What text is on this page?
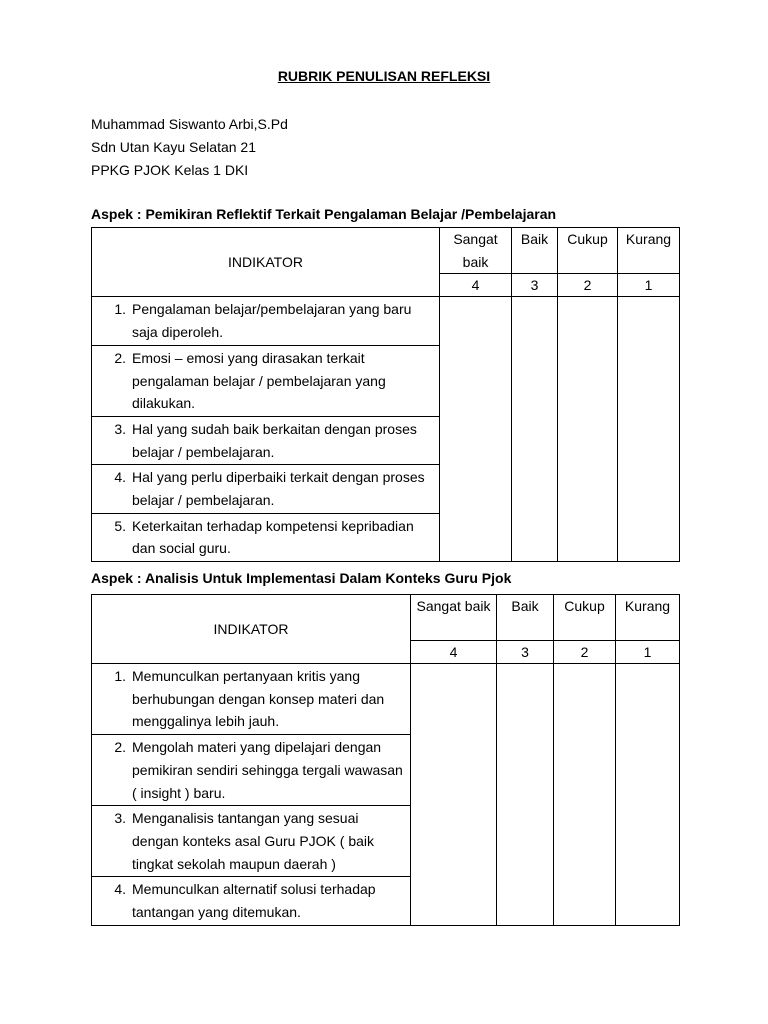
RUBRIK PENULISAN REFLEKSI
Muhammad Siswanto Arbi,S.Pd
Sdn Utan Kayu Selatan 21
PPKG PJOK Kelas 1 DKI
Aspek : Pemikiran Reflektif Terkait Pengalaman Belajar /Pembelajaran
INDIKATOR	Sangat baik	Baik	Cukup	Kurang
	4	3	2	1

1. Pengalaman belajar/pembelajaran yang baru saja diperoleh.				

2. Emosi – emosi yang dirasakan terkait pengalaman belajar / pembelajaran yang dilakukan.				

3. Hal yang sudah baik berkaitan dengan proses belajar / pembelajaran.				

4. Hal yang perlu diperbaiki terkait dengan proses belajar / pembelajaran.				

5. Keterkaitan terhadap kompetensi kepribadian dan social guru.				
Aspek : Analisis Untuk Implementasi Dalam Konteks Guru Pjok
INDIKATOR	Sangat baik	Baik	Cukup	Kurang
	4	3	2	1

1. Memunculkan pertanyaan kritis yang berhubungan dengan konsep materi dan menggalinya lebih jauh.				

2. Mengolah materi yang dipelajari dengan pemikiran sendiri sehingga tergali wawasan ( insight ) baru.				

3. Menganalisis tantangan yang sesuai dengan konteks asal Guru PJOK ( baik tingkat sekolah maupun daerah )				

4. Memunculkan alternatif solusi terhadap tantangan yang ditemukan.				
